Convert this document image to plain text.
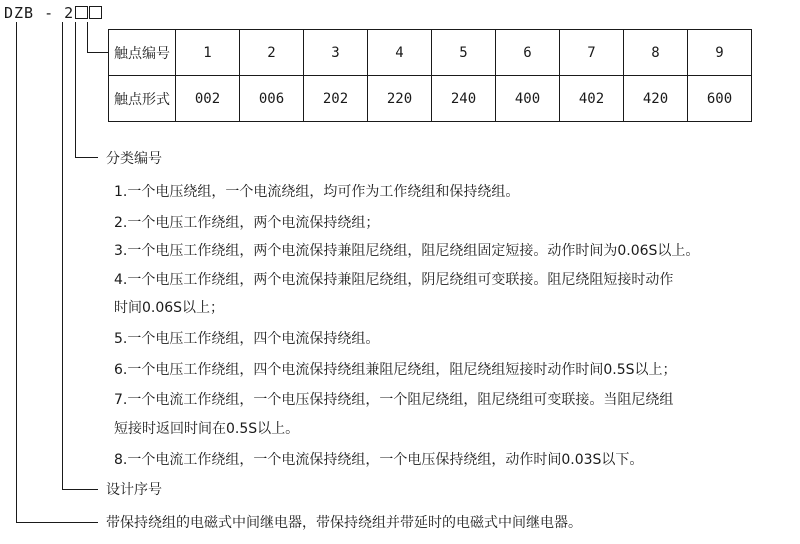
DZB - 2
触点编号	1	2	3	4	5	6	7	8	9
触点形式	002	006	202	220	240	400	402	420	600
分类编号
1.一个电压绕组，一个电流绕组，均可作为工作绕组和保持绕组。
2.一个电压工作绕组，两个电流保持绕组；
3.一个电压工作绕组，两个电流保持兼阻尼绕组，阻尼绕组固定短接。动作时间为0.06S以上。
4.一个电压工作绕组，两个电流保持兼阻尼绕组，阴尼绕组可变联接。阻尼绕阻短接时动作
时间0.06S以上；
5.一个电压工作绕组，四个电流保持绕组。
6.一个电压工作绕组，四个电流保持绕组兼阻尼绕组，阻尼绕组短接时动作时间0.5S以上；
7.一个电流工作绕组，一个电压保持绕组，一个阻尼绕组，阻尼绕组可变联接。当阻尼绕组
短接时返回时间在0.5S以上。
8.一个电流工作绕组，一个电流保持绕组，一个电压保持绕组，动作时间0.03S以下。
设计序号
带保持绕组的电磁式中间继电器，带保持绕组并带延时的电磁式中间继电器。
